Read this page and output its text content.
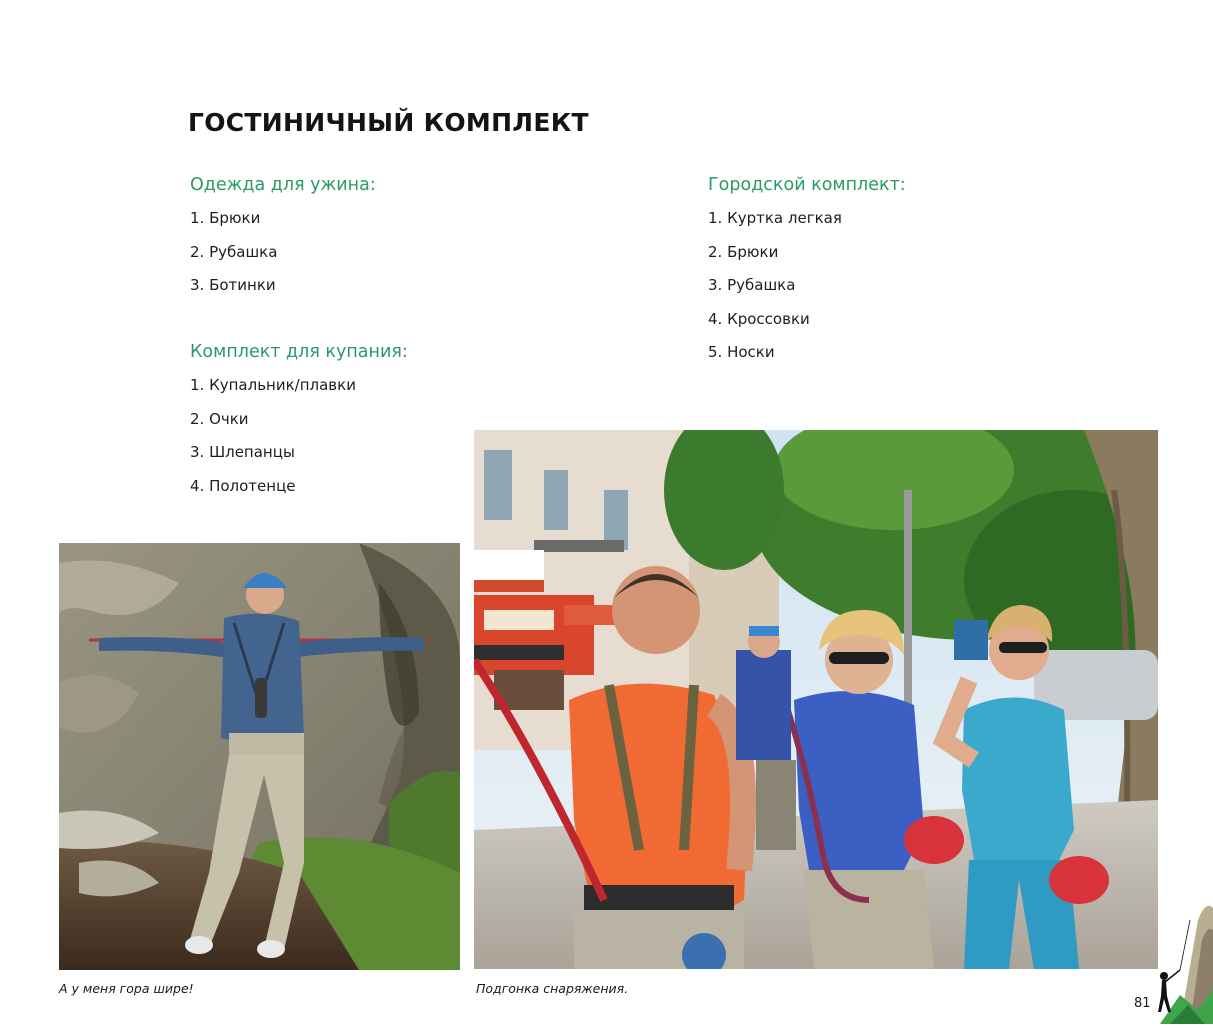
ГОСТИНИЧНЫЙ КОМПЛЕКТ
Одежда для ужина:
1. Брюки
2. Рубашка
3. Ботинки
Комплект для купания:
1. Купальник/плавки
2. Очки
3. Шлепанцы
4. Полотенце
Городской комплект:
1. Куртка легкая
2. Брюки
3. Рубашка
4. Кроссовки
5. Носки
А у меня гора шире!	Подгонка снаряжения.
81
